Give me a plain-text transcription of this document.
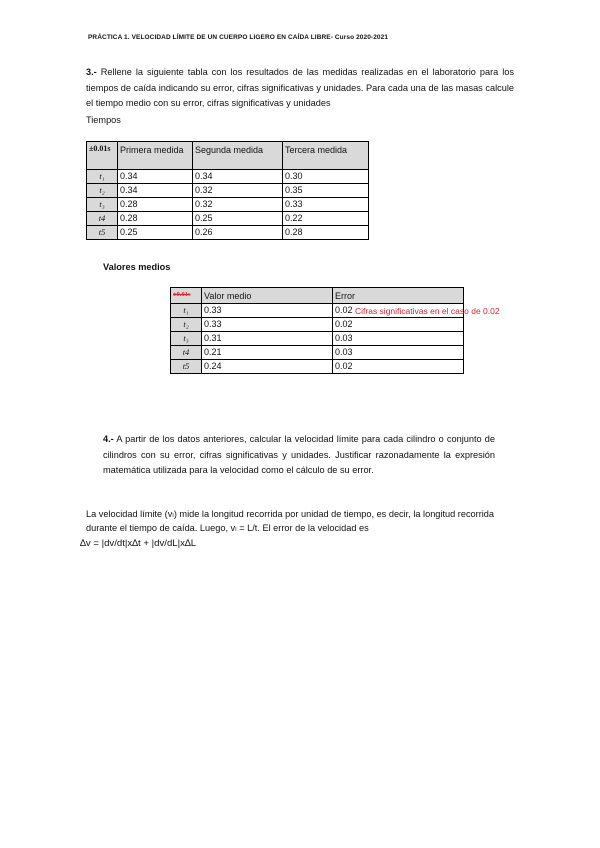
PRÁCTICA 1. VELOCIDAD LÍMITE DE UN CUERPO LIGERO EN CAÍDA LIBRE- Curso 2020-2021
3.- Rellene la siguiente tabla con los resultados de las medidas realizadas en el laboratorio para los tiempos de caída indicando su error, cifras significativas y unidades. Para cada una de las masas calcule el tiempo medio con su error, cifras significativas y unidades
Tiempos
±0.01s	Primera medida	Segunda medida	Tercera medida
t₁	0.34	0.34	0.30
t₂	0.34	0.32	0.35
t₃	0.28	0.32	0.33
t4	0.28	0.25	0.22
t5	0.25	0.26	0.28
Valores medios
±0.01s	Valor medio	Error
t₁	0.33	0.02
t₂	0.33	0.02
t₃	0.31	0.03
t4	0.21	0.03
t5	0.24	0.02
Cifras significativas en el caso de 0.02
4.- A partir de los datos anteriores, calcular la velocidad límite para cada cilindro o conjunto de cilindros con su error, cifras significativas y unidades. Justificar razonadamente la expresión matemática utilizada para la velocidad como el cálculo de su error.
La velocidad límite (vₗ) mide la longitud recorrida por unidad de tiempo, es decir, la longitud recorrida durante el tiempo de caída. Luego, vₗ = L/t. El error de la velocidad es
∆v = |dv/dt|x∆t + |dv/dL|x∆L
